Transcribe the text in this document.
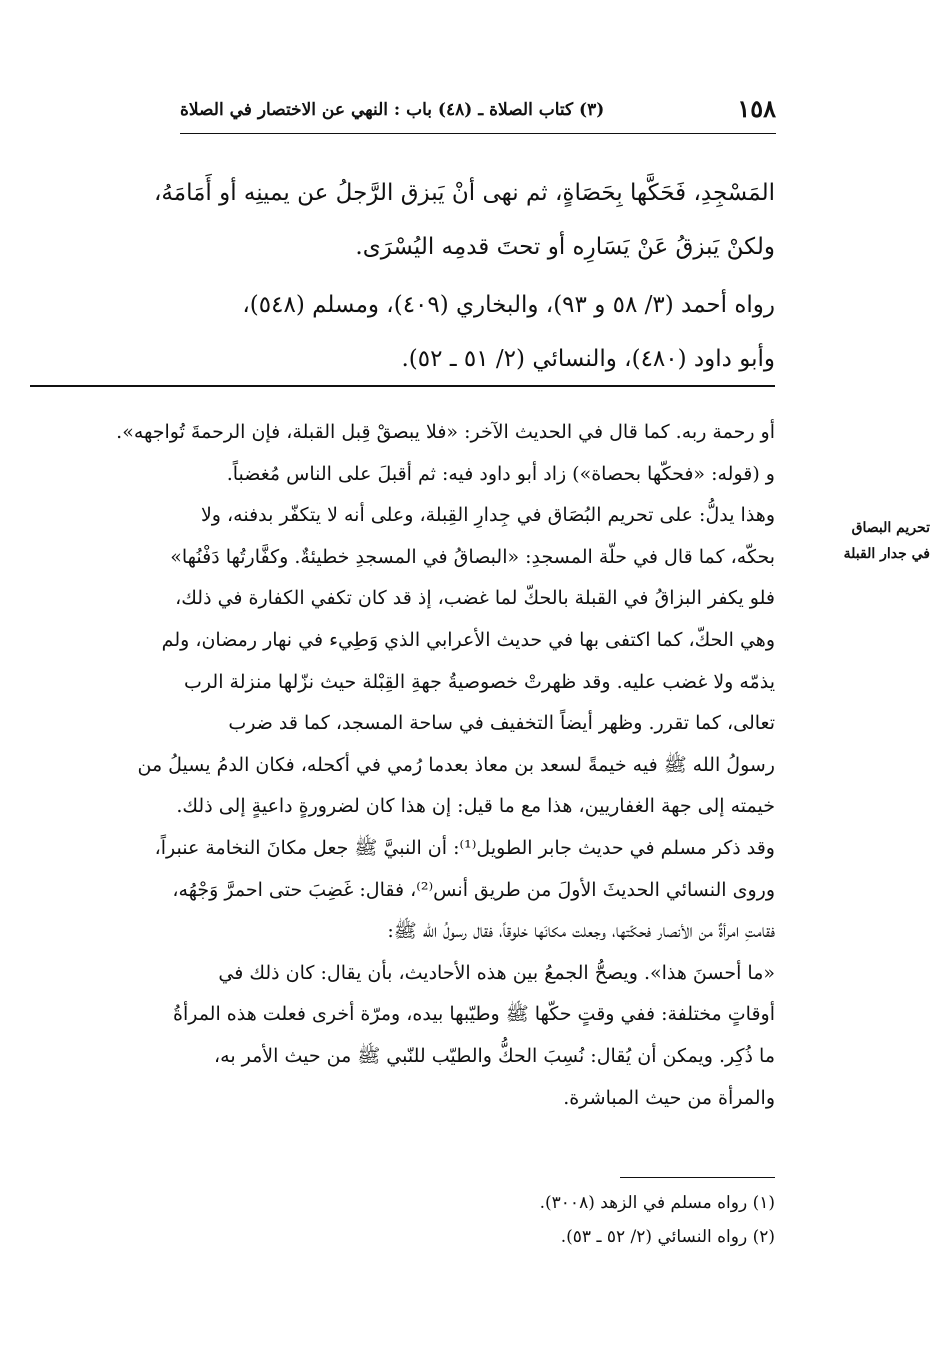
١٥٨
(٣) كتاب الصلاة ـ (٤٨) باب : النهي عن الاختصار في الصلاة

المَسْجِدِ، فَحَكَّها بِحَصَاةٍ، ثم نهى أنْ يَبزق الرَّجلُ عن يمينِه أو أَمَامَهُ،

ولكنْ يَبزقُ عَنْ يَسَارِه أو تحتَ قدمِه اليُسْرَى.

رواه أحمد (٣/ ٥٨ و ٩٣)، والبخاري (٤٠٩)، ومسلم (٥٤٨)،

وأبو داود (٤٨٠)، والنسائي (٢/ ٥١ ـ ٥٢).

أو رحمة ربه. كما قال في الحديث الآخر: «فلا يبصقْ قِبل القبلة، فإن الرحمةَ تُواجهه».

و (قوله: «فحكّها بحصاة») زاد أبو داود فيه: ثم أقبلَ على الناس مُغضباً.

وهذا يدلُّ: على تحريم البُصَاق في جِدارِ القِبلة، وعلى أنه لا يتكفّر بدفنه، ولا

بحكّه، كما قال في حلّة المسجدِ: «البصاقُ في المسجدِ خطيئةٌ. وكفَّارتُها دَفْنُها»

فلو يكفر البزاقُ في القبلة بالحكّ لما غضب، إذ قد كان تكفي الكفارة في ذلك،

وهي الحكّ، كما اكتفى بها في حديث الأعرابي الذي وَطِيء في نهار رمضان، ولم

يذمّه ولا غضب عليه. وقد ظهرتْ خصوصيةُ جهةِ القِبْلة حيث نزّلها منزلة الرب

تعالى، كما تقرر. وظهر أيضاً التخفيف في ساحة المسجد، كما قد ضرب

رسولُ الله ﷺ فيه خيمةً لسعد بن معاذ بعدما رُمي في أكحله، فكان الدمُ يسيلُ من

خيمته إلى جهة الغفاريين، هذا مع ما قيل: إن هذا كان لضرورةٍ داعيةٍ إلى ذلك.

وقد ذكر مسلم في حديث جابر الطويل⁽¹⁾: أن النبيَّ ﷺ جعل مكانَ النخامة عنبراً،

وروى النسائي الحديثَ الأولَ من طريق أنس⁽²⁾، فقال: غَضِبَ حتى احمرَّ وَجْهُه،

فقامتِ امرأةٌ من الأنصار فحكّتها، وجعلت مكانَها خلوقاً، فقال رسولُ الله ﷺ:

«ما أحسنَ هذا». ويصحُّ الجمعُ بين هذه الأحاديث، بأن يقال: كان ذلك في

أوقاتٍ مختلفة: ففي وقتٍ حكّها ﷺ وطيّبها بيده، ومرّة أخرى فعلت هذه المرأةُ

ما ذُكِر. ويمكن أن يُقال: نُسِبَ الحكُّ والطيّب للنّبي ﷺ من حيث الأمر به،

والمرأة من حيث المباشرة.

تحريم البصاق
في جدار القبلة

(١) رواه مسلم في الزهد (٣٠٠٨).

(٢) رواه النسائي (٢/ ٥٢ ـ ٥٣).
